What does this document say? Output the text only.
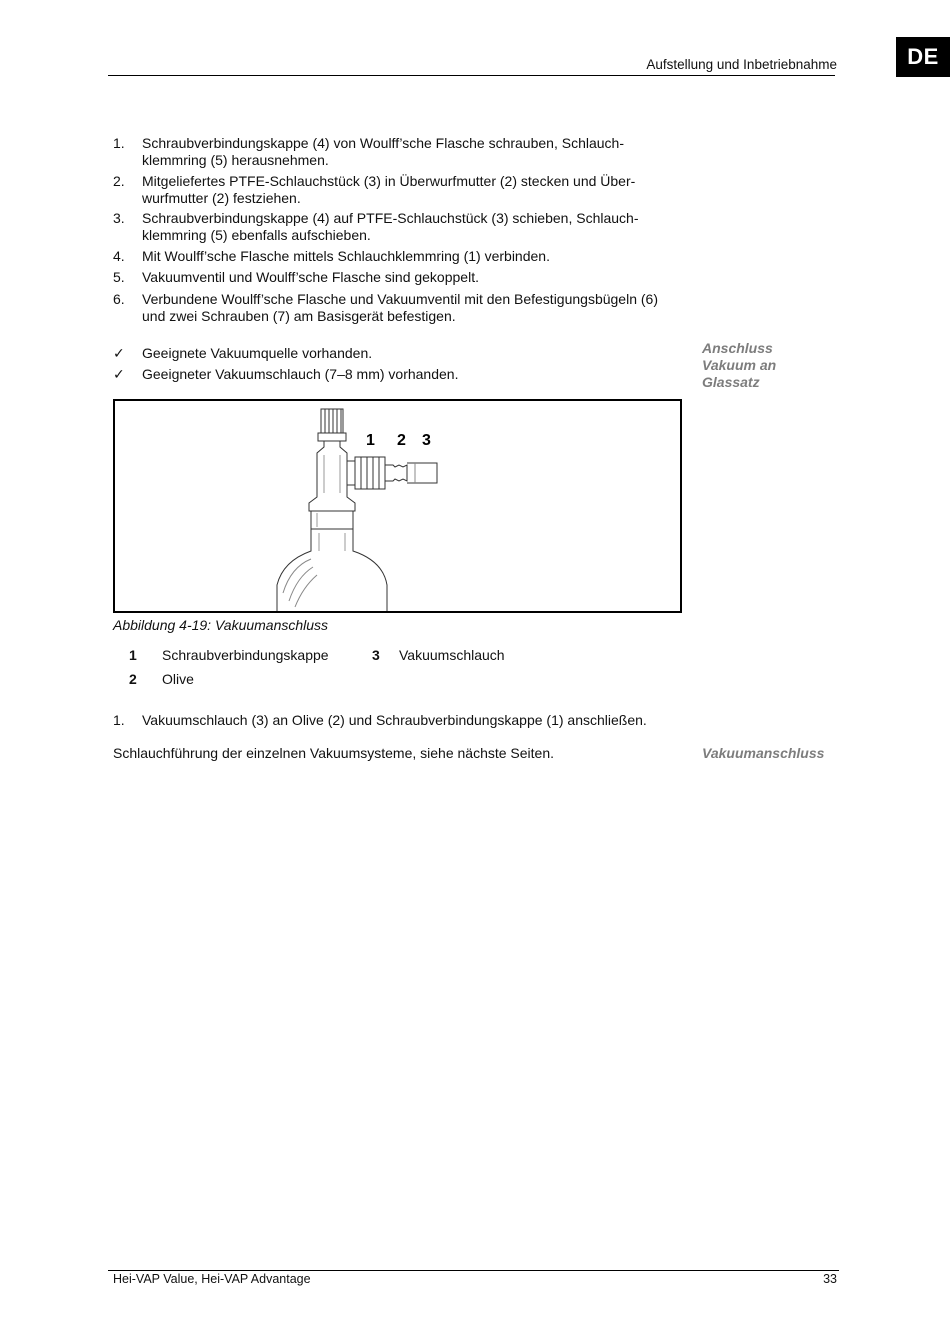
DE
Aufstellung und Inbetriebnahme
1. Schraubverbindungskappe (4) von Woulff’sche Flasche schrauben, Schlauch-klemmring (5) herausnehmen.
2. Mitgeliefertes PTFE-Schlauchstück (3) in Überwurfmutter (2) stecken und Über-wurfmutter (2) festziehen.
3. Schraubverbindungskappe (4) auf PTFE-Schlauchstück (3) schieben, Schlauch-klemmring (5) ebenfalls aufschieben.
4. Mit Woulff’sche Flasche mittels Schlauchklemmring (1) verbinden.
5. Vakuumventil und Woulff’sche Flasche sind gekoppelt.
6. Verbundene Woulff’sche Flasche und Vakuumventil mit den Befestigungsbügeln (6) und zwei Schrauben (7) am Basisgerät befestigen.
✓ Geeignete Vakuumquelle vorhanden.
✓ Geeigneter Vakuumschlauch (7–8 mm) vorhanden.
Anschluss Vakuum an Glassatz
1 2 3
Abbildung 4-19: Vakuumanschluss
1 Schraubverbindungskappe	3 Vakuumschlauch
2 Olive
1. Vakuumschlauch (3) an Olive (2) und Schraubverbindungskappe (1) anschließen.
Schlauchführung der einzelnen Vakuumsysteme, siehe nächste Seiten.	Vakuumanschluss
Hei-VAP Value, Hei-VAP Advantage	33
